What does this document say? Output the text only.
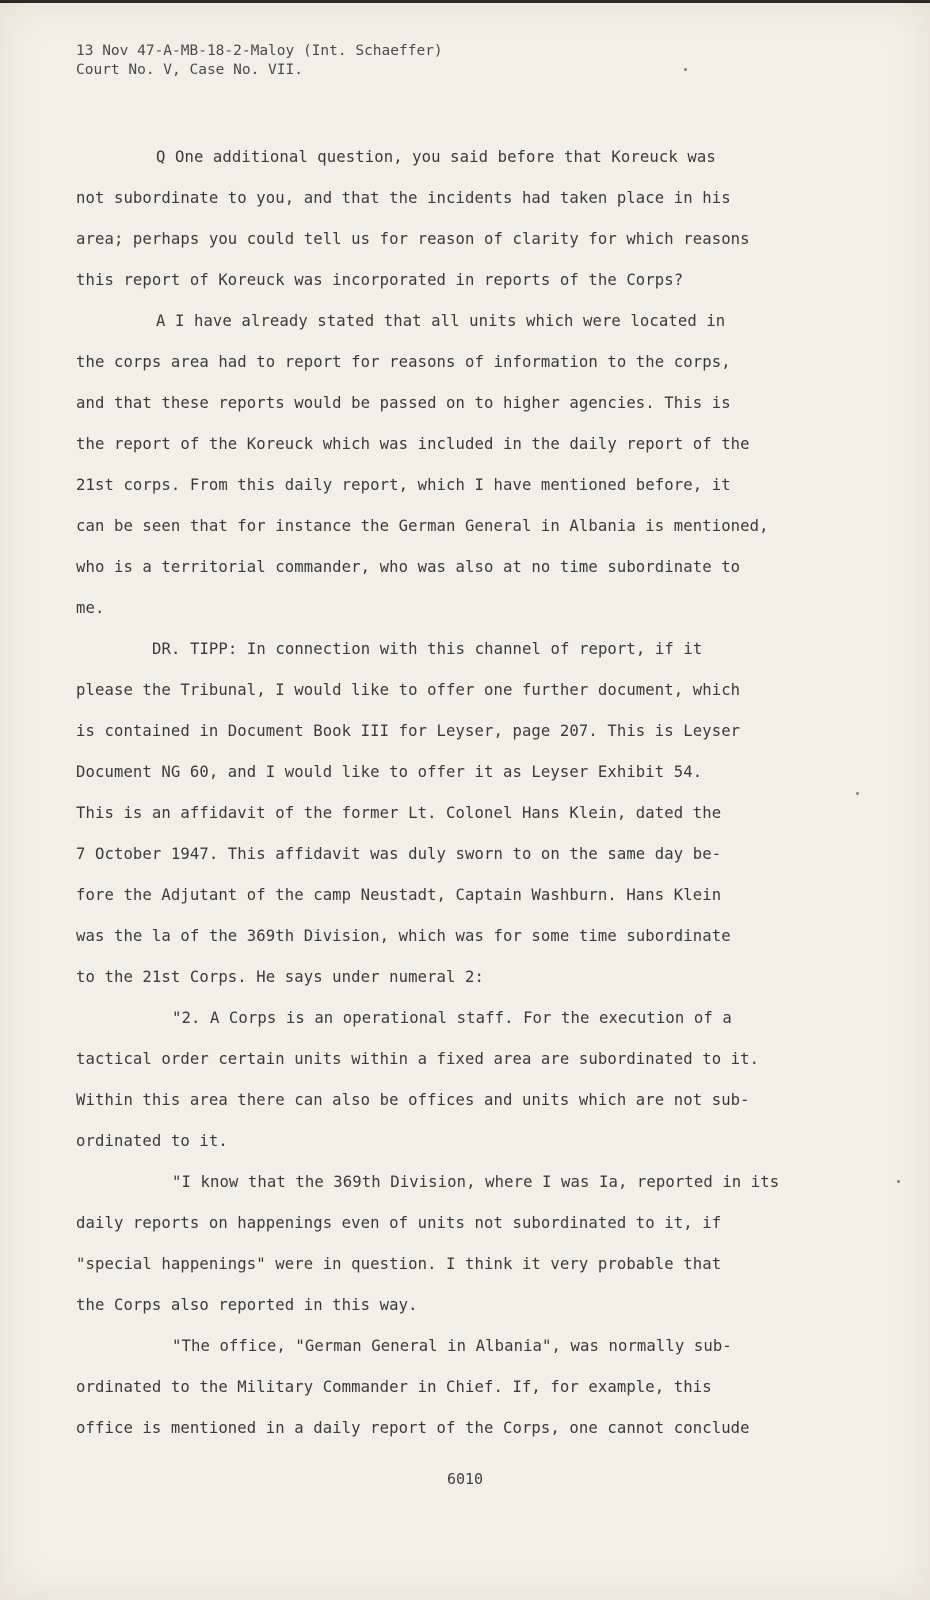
13 Nov 47-A-MB-18-2-Maloy (Int. Schaeffer)
Court No. V, Case No. VII.
Q One additional question, you said before that Koreuck was
not subordinate to you, and that the incidents had taken place in his
area; perhaps you could tell us for reason of clarity for which reasons
this report of Koreuck was incorporated in reports of the Corps?
A I have already stated that all units which were located in
the corps area had to report for reasons of information to the corps,
and that these reports would be passed on to higher agencies. This is
the report of the Koreuck which was included in the daily report of the
21st corps. From this daily report, which I have mentioned before, it
can be seen that for instance the German General in Albania is mentioned,
who is a territorial commander, who was also at no time subordinate to
me.
DR. TIPP: In connection with this channel of report, if it
please the Tribunal, I would like to offer one further document, which
is contained in Document Book III for Leyser, page 207. This is Leyser
Document NG 60, and I would like to offer it as Leyser Exhibit 54.
This is an affidavit of the former Lt. Colonel Hans Klein, dated the
7 October 1947. This affidavit was duly sworn to on the same day be-
fore the Adjutant of the camp Neustadt, Captain Washburn. Hans Klein
was the la of the 369th Division, which was for some time subordinate
to the 21st Corps. He says under numeral 2:
"2. A Corps is an operational staff. For the execution of a
tactical order certain units within a fixed area are subordinated to it.
Within this area there can also be offices and units which are not sub-
ordinated to it.
"I know that the 369th Division, where I was Ia, reported in its
daily reports on happenings even of units not subordinated to it, if
"special happenings" were in question. I think it very probable that
the Corps also reported in this way.
"The office, "German General in Albania", was normally sub-
ordinated to the Military Commander in Chief. If, for example, this
office is mentioned in a daily report of the Corps, one cannot conclude
6010
